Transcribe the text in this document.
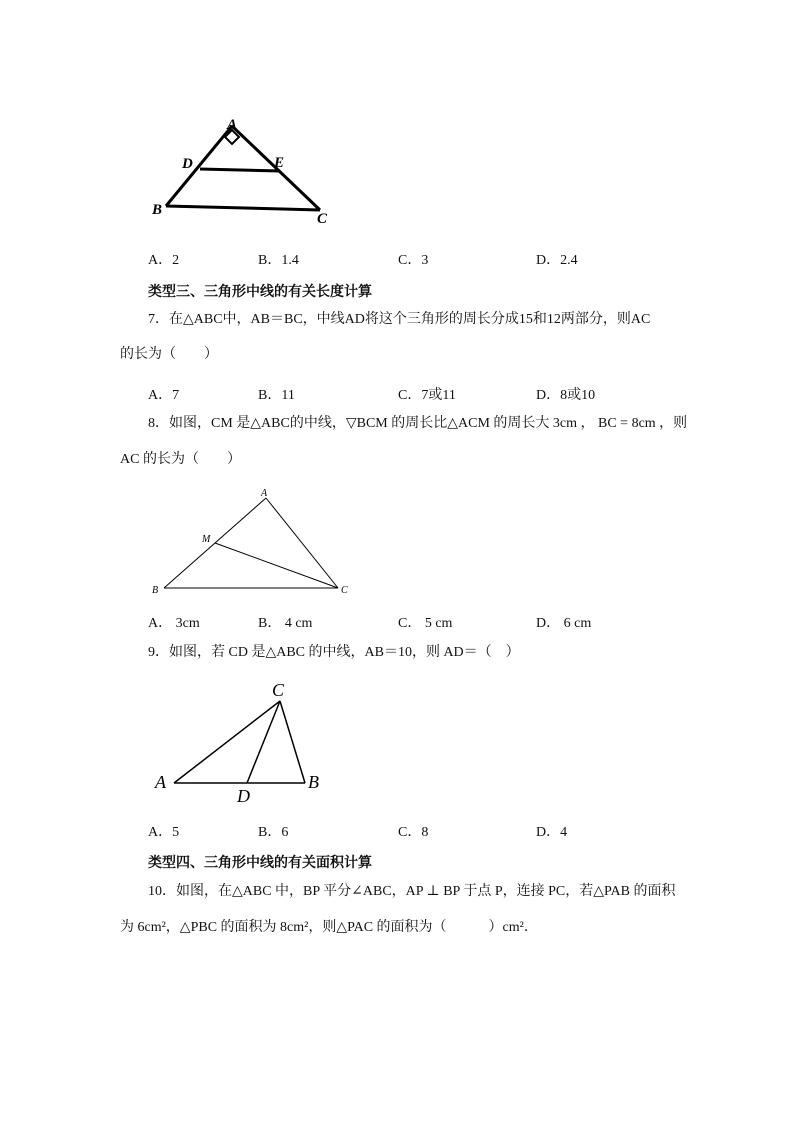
A
D	E
B
C
A．2	B．1.4	C．3	D．2.4
类型三、三角形中线的有关长度计算
7．在△ABC中，AB＝BC，中线AD将这个三角形的周长分成15和12两部分，则AC
的长为（　　）
A．7	B．11	C．7或11	D．8或10
8．如图，CM 是△ABC的中线，▽BCM 的周长比△ACM 的周长大 3cm ， BC = 8cm ，则
AC 的长为（　　）
A
M
B	C
A． 3cm	B． 4 cm	C． 5 cm	D． 6 cm
9．如图，若 CD 是△ABC 的中线，AB＝10，则 AD＝（　）
C
A
D
B
A．5	B．6	C．8	D．4
类型四、三角形中线的有关面积计算
10．如图，在△ABC 中，BP 平分∠ABC，AP ⊥ BP 于点 P，连接 PC，若△PAB 的面积
为 6cm²，△PBC 的面积为 8cm²，则△PAC 的面积为（　　　）cm²．
